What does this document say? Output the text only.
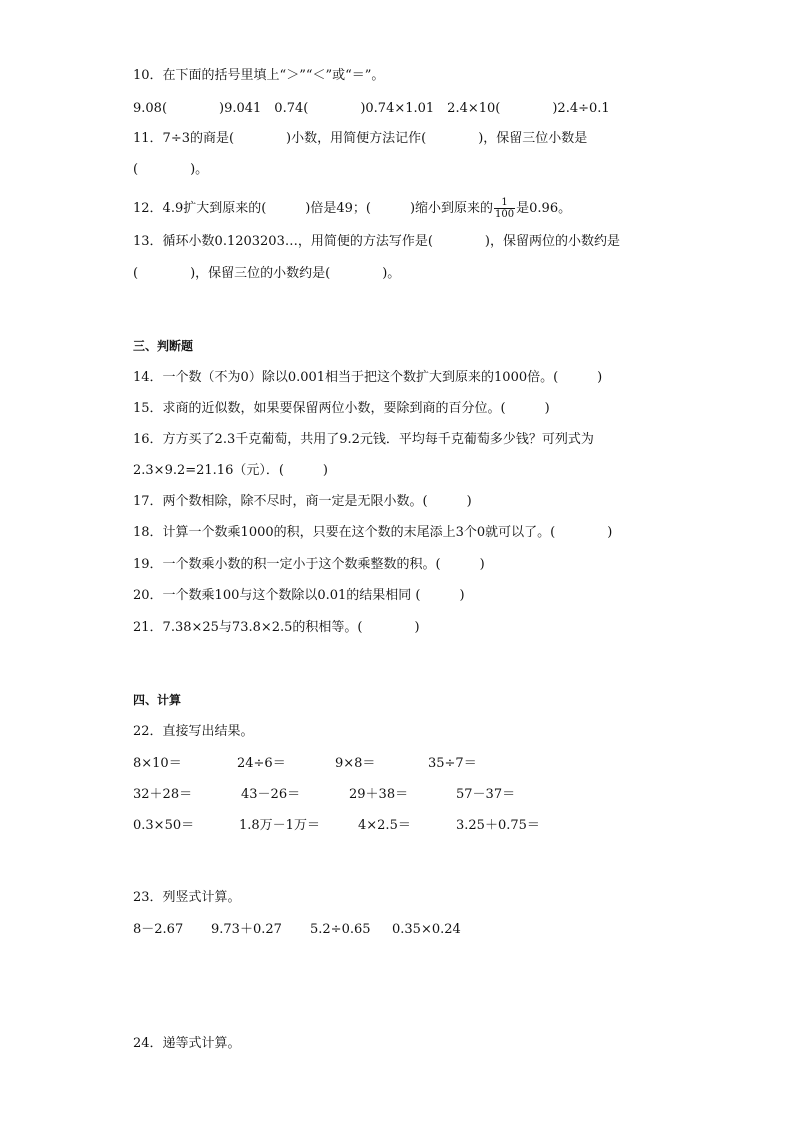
10．在下面的括号里填上“＞”“＜”或“＝”。
9.08(　　　　)9.041　0.74(　　　　)0.74×1.01　2.4×10(　　　　)2.4÷0.1
11．7÷3的商是(　　　　)小数，用简便方法记作(　　　　)，保留三位小数是
(　　　　)。
12．4.9扩大到原来的(　　　)倍是49；(　　　)缩小到原来的 $\frac{1}{100}$ 是0.96。
13．循环小数0.1203203…，用简便的方法写作是(　　　　)，保留两位的小数约是
(　　　　)，保留三位的小数约是(　　　　)。
三、判断题
14．一个数（不为0）除以0.001相当于把这个数扩大到原来的1000倍。(　　　)
15．求商的近似数，如果要保留两位小数，要除到商的百分位。(　　　)
16．方方买了2.3千克葡萄，共用了9.2元钱．平均每千克葡萄多少钱？可列式为
2.3×9.2=21.16（元）．(　　　)
17．两个数相除，除不尽时，商一定是无限小数。(　　　)
18．计算一个数乘1000的积，只要在这个数的末尾添上3个0就可以了。(　　　　)
19．一个数乘小数的积一定小于这个数乘整数的积。(　　　)
20．一个数乘100与这个数除以0.01的结果相同 (　　　)
21．7.38×25与73.8×2.5的积相等。(　　　　)
四、计算
22．直接写出结果。
8×10＝	24÷6＝	9×8＝	35÷7＝
32＋28＝	43－26＝	29＋38＝	57－37＝
0.3×50＝	1.8万－1万＝	4×2.5＝	3.25＋0.75＝
23．列竖式计算。
8－2.67 9.73＋0.27 5.2÷0.65 0.35×0.24
24．递等式计算。
